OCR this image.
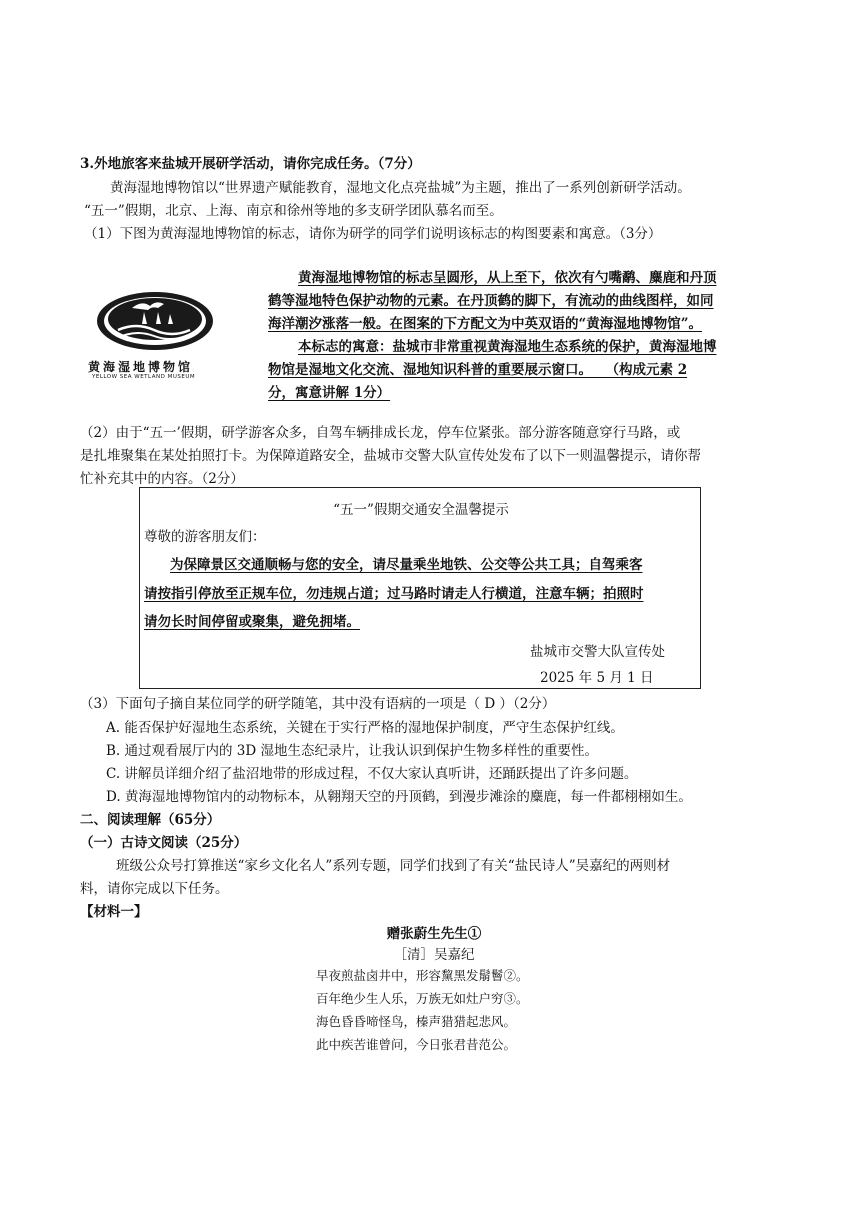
3.外地旅客来盐城开展研学活动，请你完成任务。（7分）
黄海湿地博物馆以“世界遗产赋能教育，湿地文化点亮盐城”为主题，推出了一系列创新研学活动。
“五一”假期，北京、上海、南京和徐州等地的多支研学团队慕名而至。
（1）下图为黄海湿地博物馆的标志，请你为研学的同学们说明该标志的构图要素和寓意。（3分）
黄海湿地博物馆
YELLOW SEA WETLAND MUSEUM
黄海湿地博物馆的标志呈圆形，从上至下，依次有勺嘴鹬、麋鹿和丹顶
鹤等湿地特色保护动物的元素。在丹顶鹤的脚下，有流动的曲线图样，如同
海洋潮汐涨落一般。在图案的下方配文为中英双语的“黄海湿地博物馆”。
本标志的寓意：盐城市非常重视黄海湿地生态系统的保护，黄海湿地博
物馆是湿地文化交流、湿地知识科普的重要展示窗口。　　（构成元素 2
分，寓意讲解 1分）
（2）由于“五一’假期，研学游客众多，自驾车辆排成长龙，停车位紧张。部分游客随意穿行马路，或
是扎堆聚集在某处拍照打卡。为保障道路安全，盐城市交警大队宣传处发布了以下一则温馨提示，请你帮
忙补充其中的内容。（2分）
“五一”假期交通安全温馨提示
尊敬的游客朋友们：
为保障景区交通顺畅与您的安全，请尽量乘坐地铁、公交等公共工具；自驾乘客
请按指引停放至正规车位，勿违规占道；过马路时请走人行横道，注意车辆；拍照时
请勿长时间停留或聚集，避免拥堵。
盐城市交警大队宣传处
2025 年 5 月 1 日
（3）下面句子摘自某位同学的研学随笔，其中没有语病的一项是（ D ）（2分）
A. 能否保护好湿地生态系统，关键在于实行严格的湿地保护制度，严守生态保护红线。
B. 通过观看展厅内的 3D 湿地生态纪录片，让我认识到保护生物多样性的重要性。
C. 讲解员详细介绍了盐沼地带的形成过程，不仅大家认真听讲，还踊跃提出了许多问题。
D. 黄海湿地博物馆内的动物标本，从翱翔天空的丹顶鹤，到漫步滩涂的麋鹿，每一件都栩栩如生。
二、阅读理解（65分）
（一）古诗文阅读（25分）
班级公众号打算推送“家乡文化名人”系列专题，同学们找到了有关“盐民诗人”吴嘉纪的两则材
料，请你完成以下任务。
【材料一】
赠张蔚生先生①
［清］吴嘉纪
早夜煎盐卤井中，形容黧黑发鬅鬙②。
百年绝少生人乐，万族无如灶户穷③。
海色昏昏啼怪鸟，榛声猎猎起悲风。
此中疾苦谁曾问，今日张君昔范公。
